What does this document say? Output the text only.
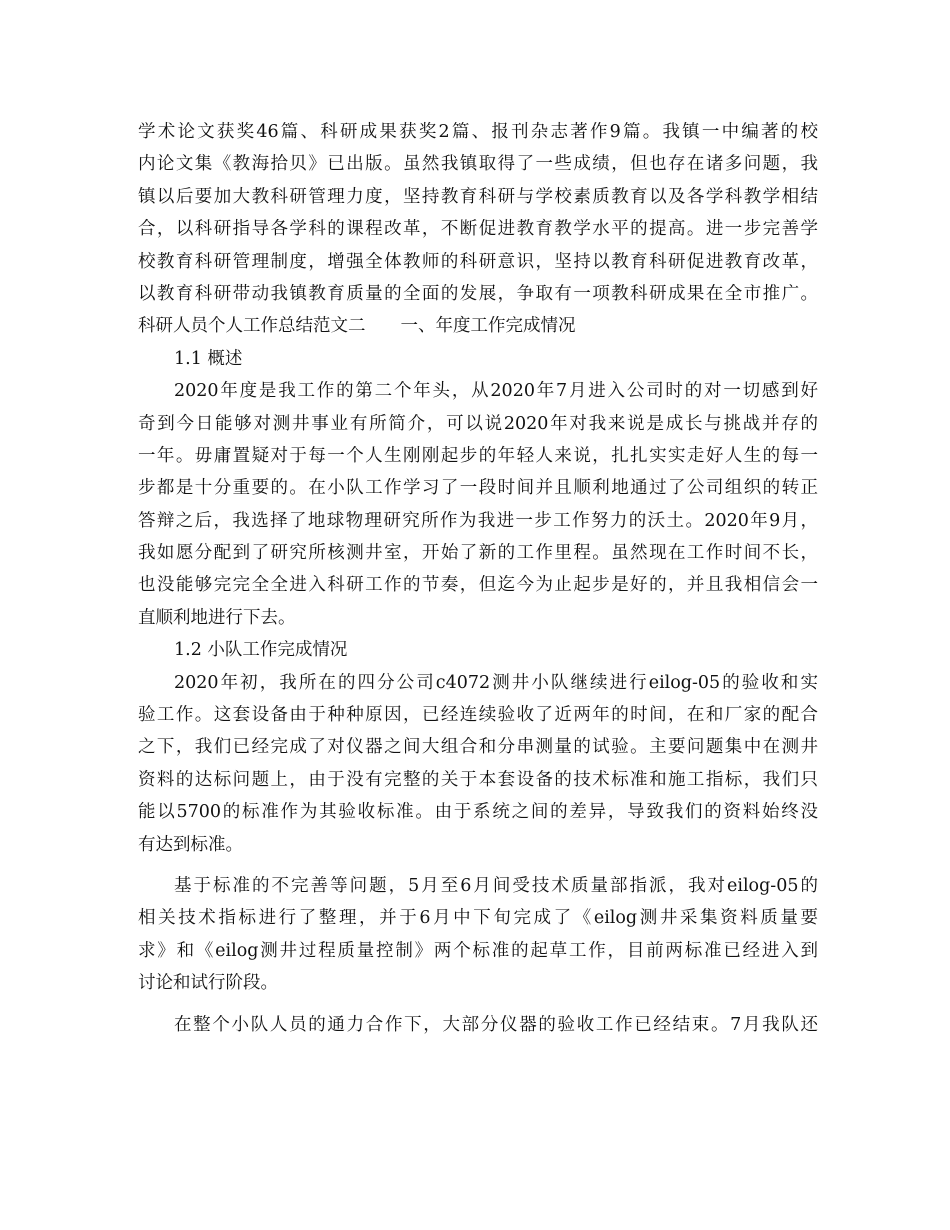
学术论文获奖46篇、科研成果获奖2篇、报刊杂志著作9篇。我镇一中编著的校
内论文集《教海拾贝》已出版。虽然我镇取得了一些成绩，但也存在诸多问题，我
镇以后要加大教科研管理力度，坚持教育科研与学校素质教育以及各学科教学相结
合，以科研指导各学科的课程改革，不断促进教育教学水平的提高。进一步完善学
校教育科研管理制度，增强全体教师的科研意识，坚持以教育科研促进教育改革，
以教育科研带动我镇教育质量的全面的发展，争取有一项教科研成果在全市推广。
科研人员个人工作总结范文二　　一、年度工作完成情况
1.1 概述
2020年度是我工作的第二个年头，从2020年7月进入公司时的对一切感到好
奇到今日能够对测井事业有所简介，可以说2020年对我来说是成长与挑战并存的
一年。毋庸置疑对于每一个人生刚刚起步的年轻人来说，扎扎实实走好人生的每一
步都是十分重要的。在小队工作学习了一段时间并且顺利地通过了公司组织的转正
答辩之后，我选择了地球物理研究所作为我进一步工作努力的沃土。2020年9月，
我如愿分配到了研究所核测井室，开始了新的工作里程。虽然现在工作时间不长，
也没能够完完全全进入科研工作的节奏，但迄今为止起步是好的，并且我相信会一
直顺利地进行下去。
1.2 小队工作完成情况
2020年初，我所在的四分公司c4072测井小队继续进行eilog-05的验收和实
验工作。这套设备由于种种原因，已经连续验收了近两年的时间，在和厂家的配合
之下，我们已经完成了对仪器之间大组合和分串测量的试验。主要问题集中在测井
资料的达标问题上，由于没有完整的关于本套设备的技术标准和施工指标，我们只
能以5700的标准作为其验收标准。由于系统之间的差异，导致我们的资料始终没
有达到标准。
基于标准的不完善等问题，5月至6月间受技术质量部指派，我对eilog-05的
相关技术指标进行了整理，并于6月中下旬完成了《eilog测井采集资料质量要
求》和《eilog测井过程质量控制》两个标准的起草工作，目前两标准已经进入到
讨论和试行阶段。
在整个小队人员的通力合作下，大部分仪器的验收工作已经结束。7月我队还
